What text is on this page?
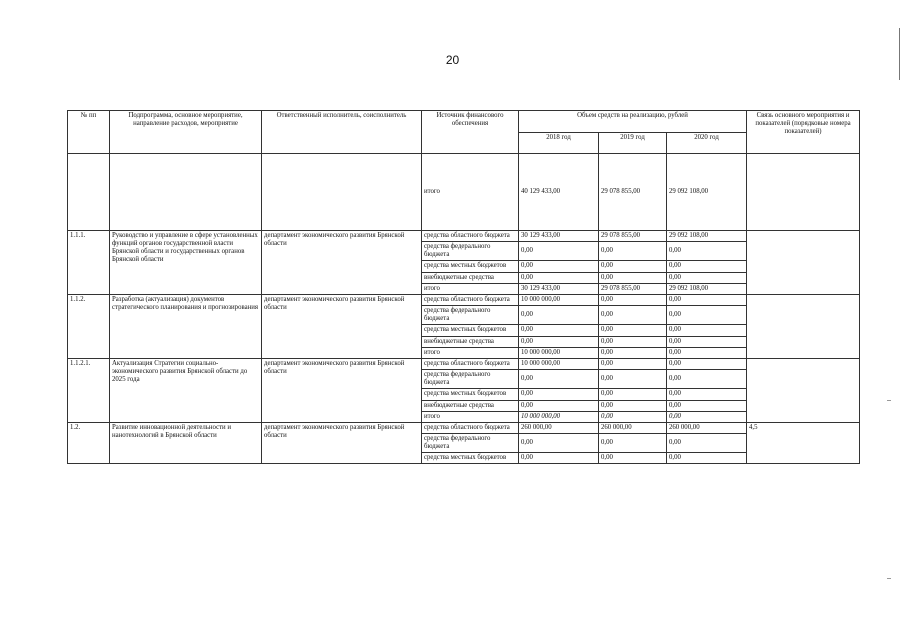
20
№ пп	Подпрограмма, основное мероприятие, направление расходов, мероприятие	Ответственный исполнитель, соисполнитель	Источник финансового обеспечения	Объем средств на реализацию, рублей			Связь основного мероприятия и показателей (порядковые номера показателей)
				2018 год	2019 год	2020 год	
			итого	40 129 433,00	29 078 855,00	29 092 108,00	
1.1.1.	Руководство и управление в сфере установленных функций органов государственной власти Брянской области и государственных органов Брянской области	департамент экономического развития Брянской области	средства областного бюджета	30 129 433,00	29 078 855,00	29 092 108,00	
			средства федерального бюджета	0,00	0,00	0,00	
			средства местных бюджетов	0,00	0,00	0,00	
			внебюджетные средства	0,00	0,00	0,00	
			итого	30 129 433,00	29 078 855,00	29 092 108,00	
1.1.2.	Разработка (актуализация) документов стратегического планирования и прогнозирования	департамент экономического развития Брянской области	средства областного бюджета	10 000 000,00	0,00	0,00	
			средства федерального бюджета	0,00	0,00	0,00	
			средства местных бюджетов	0,00	0,00	0,00	
			внебюджетные средства	0,00	0,00	0,00	
			итого	10 000 000,00	0,00	0,00	
1.1.2.1.	Актуализация Стратегии социально-экономического развития Брянской области до 2025 года	департамент экономического развития Брянской области	средства областного бюджета	10 000 000,00	0,00	0,00	
			средства федерального бюджета	0,00	0,00	0,00	
			средства местных бюджетов	0,00	0,00	0,00	
			внебюджетные средства	0,00	0,00	0,00	
			итого	10 000 000,00	0,00	0,00	
1.2.	Развитие инновационной деятельности и нанотехнологий в Брянской области	департамент экономического развития Брянской области	средства областного бюджета	260 000,00	260 000,00	260 000,00	4,5
			средства федерального бюджета	0,00	0,00	0,00	
			средства местных бюджетов	0,00	0,00	0,00	
